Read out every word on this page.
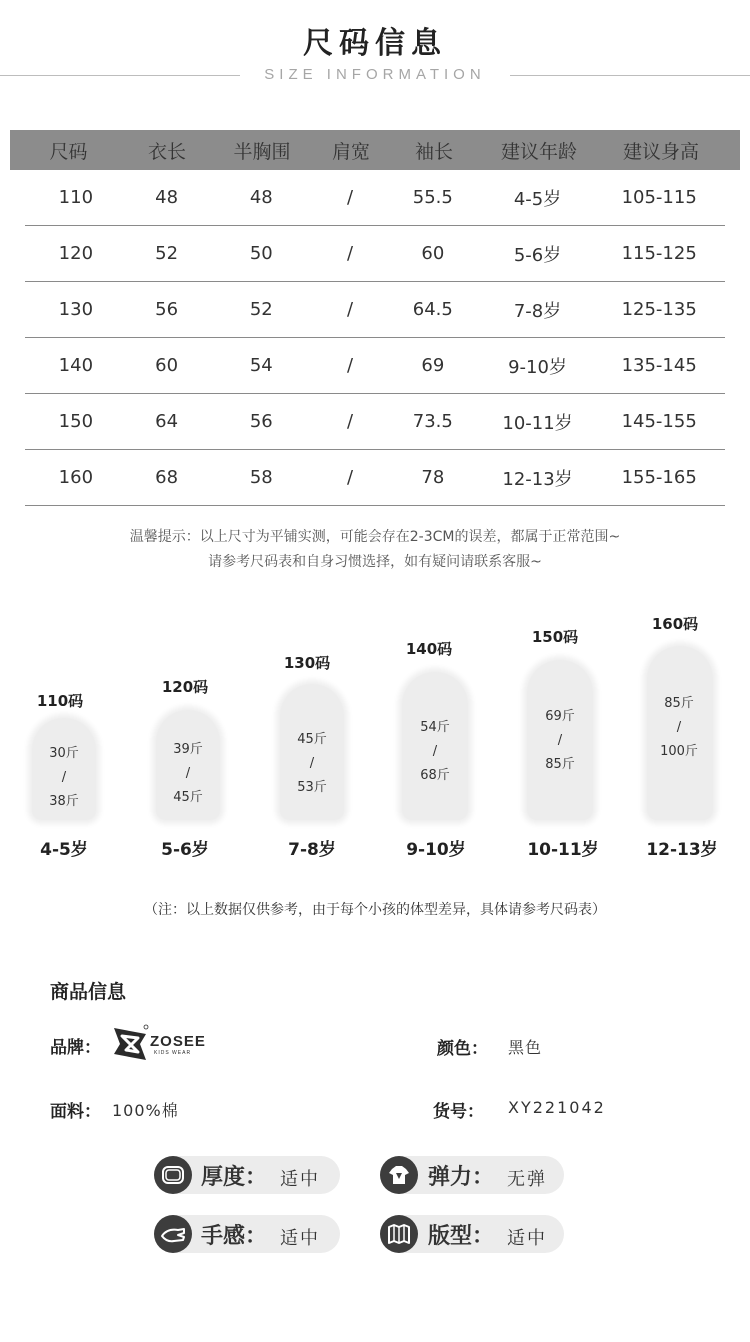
尺码信息
SIZE INFORMATION
尺码	衣长	半胸围	肩宽	袖长	建议年龄	建议身高
110	48	48	/	55.5	4-5岁	105-115
120	52	50	/	60	5-6岁	115-125
130	56	52	/	64.5	7-8岁	125-135
140	60	54	/	69	9-10岁	135-145
150	64	56	/	73.5	10-11岁	145-155
160	68	58	/	78	12-13岁	155-165
温馨提示：以上尺寸为平铺实测，可能会存在2-3CM的误差，都属于正常范围~
请参考尺码表和自身习惯选择，如有疑问请联系客服~
110码
30斤
/
38斤
4-5岁
120码
39斤
/
45斤
5-6岁
130码
45斤
/
53斤
7-8岁
140码
54斤
/
68斤
9-10岁
150码
69斤
/
85斤
10-11岁
160码
85斤
/
100斤
12-13岁
（注：以上数据仅供参考，由于每个小孩的体型差异，具体请参考尺码表）
商品信息
品牌：	ZOSEE
KIDS WEAR	颜色： 黑色
面料： 100%棉	货号： XY221042
厚度： 适中	弹力： 无弹
手感： 适中	版型： 适中
